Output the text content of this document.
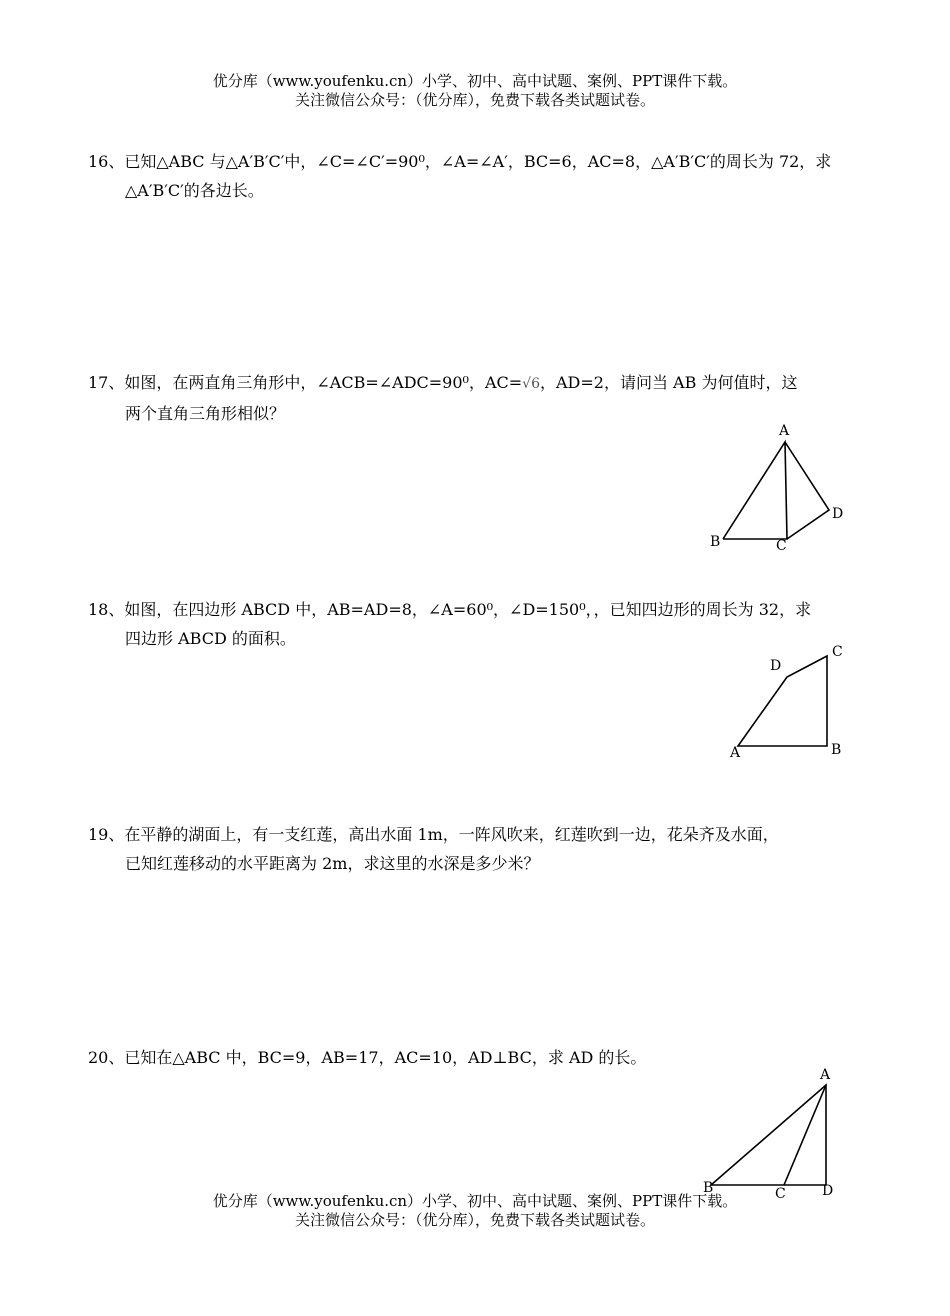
优分库（www.youfenku.cn）小学、初中、高中试题、案例、PPT课件下载。
关注微信公众号：（优分库），免费下载各类试题试卷。
16、已知△ABC 与△A′B′C′中，∠C=∠C′=90⁰，∠A=∠A′，BC=6，AC=8，△A′B′C′的周长为 72，求
△A′B′C′的各边长。
17、如图，在两直角三角形中，∠ACB=∠ADC=90⁰，AC=√6，AD=2，请问当 AB 为何值时，这
两个直角三角形相似？
A
B	C
D
18、如图，在四边形 ABCD 中，AB=AD=8，∠A=60⁰，∠D=150⁰，，已知四边形的周长为 32，求
四边形 ABCD 的面积。
A	B
C
D
19、在平静的湖面上，有一支红莲，高出水面 1m，一阵风吹来，红莲吹到一边，花朵齐及水面，
已知红莲移动的水平距离为 2m，求这里的水深是多少米？
20、已知在△ABC 中，BC=9，AB=17，AC=10，AD⊥BC，求 AD 的长。
A
B	C	D
优分库（www.youfenku.cn）小学、初中、高中试题、案例、PPT课件下载。
关注微信公众号：（优分库），免费下载各类试题试卷。
